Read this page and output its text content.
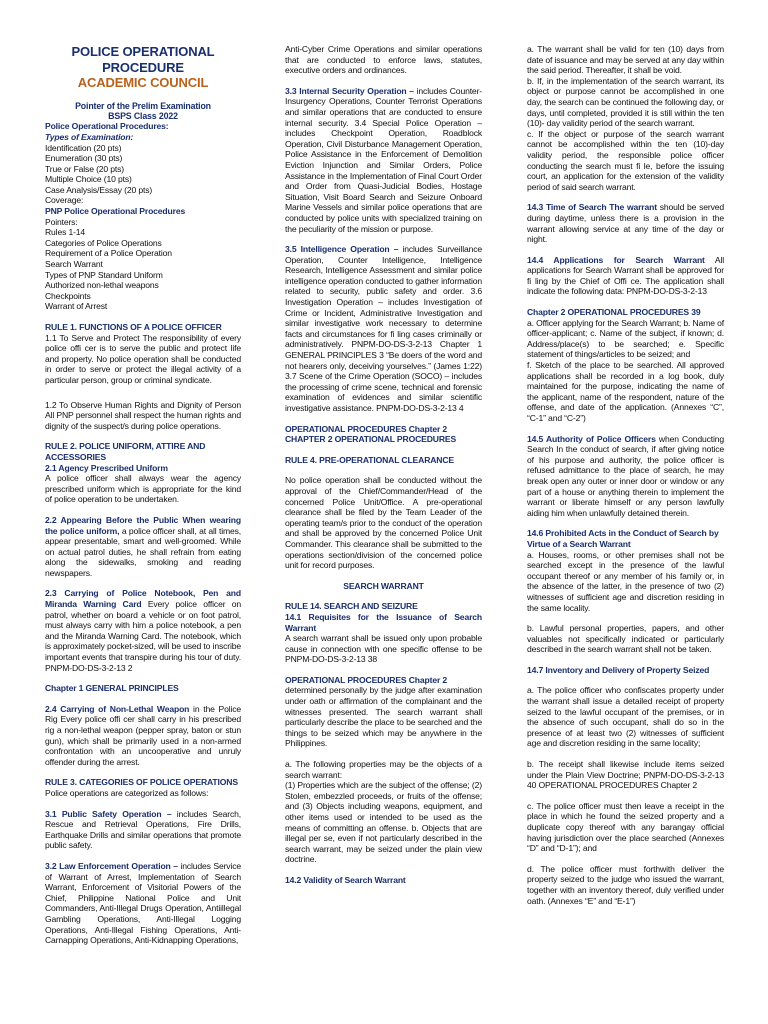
POLICE OPERATIONAL

PROCEDURE

ACADEMIC COUNCIL

Pointer of the Prelim Examination

BSPS Class 2022

Police Operational Procedures:

Types of Examination:

Identification (20 pts)

Enumeration (30 pts)

True or False (20 pts)

Multiple Choice (10 pts)

Case Analysis/Essay (20 pts)

Coverage:

PNP Police Operational Procedures

Pointers:

Rules 1-14

Categories of Police Operations

Requirement of a Police Operation

Search Warrant

Types of PNP Standard Uniform

Authorized non-lethal weapons

Checkpoints

Warrant of Arrest

RULE 1. FUNCTIONS OF A POLICE OFFICER

1.1 To Serve and Protect The responsibility of every police offi cer is to serve the public and protect life and property. No police operation shall be conducted in order to serve or protect the illegal activity of a particular person, group or criminal syndicate.

1.2 To Observe Human Rights and Dignity of Person All PNP personnel shall respect the human rights and dignity of the suspect/s during police operations.

RULE 2. POLICE UNIFORM, ATTIRE AND ACCESSORIES

2.1 Agency Prescribed Uniform

A police officer shall always wear the agency prescribed uniform which is appropriate for the kind of police operation to be undertaken.

2.2 Appearing Before the Public When wearing the police uniform, a police officer shall, at all times, appear presentable, smart and well-groomed. While on actual patrol duties, he shall refrain from eating along the sidewalks, smoking and reading newspapers.

2.3 Carrying of Police Notebook, Pen and Miranda Warning Card Every police officer on patrol, whether on board a vehicle or on foot patrol, must always carry with him a police notebook, a pen and the Miranda Warning Card. The notebook, which is approximately pocket-sized, will be used to inscribe important events that transpire during his tour of duty. PNPM-DO-DS-3-2-13 2

Chapter 1 GENERAL PRINCIPLES

2.4 Carrying of Non-Lethal Weapon in the Police Rig Every police offi cer shall carry in his prescribed rig a non-lethal weapon (pepper spray, baton or stun gun), which shall be primarily used in a non-armed confrontation with an uncooperative and unruly offender during the arrest.

RULE 3. CATEGORIES OF POLICE OPERATIONS

Police operations are categorized as follows:

3.1 Public Safety Operation – includes Search, Rescue and Retrieval Operations, Fire Drills, Earthquake Drills and similar operations that promote public safety.

3.2 Law Enforcement Operation – includes Service of Warrant of Arrest, Implementation of Search Warrant, Enforcement of Visitorial Powers of the Chief, Philippine National Police and Unit Commanders, Anti-Illegal Drugs Operation, Antiillegal Gambling Operations, Anti-Illegal Logging Operations, Anti-Illegal Fishing Operations, Anti-Carnapping Operations, Anti-Kidnapping Operations,

Anti-Cyber Crime Operations and similar operations that are conducted to enforce laws, statutes, executive orders and ordinances.

3.3 Internal Security Operation – includes Counter-Insurgency Operations, Counter Terrorist Operations and similar operations that are conducted to ensure internal security. 3.4 Special Police Operation – includes Checkpoint Operation, Roadblock Operation, Civil Disturbance Management Operation, Police Assistance in the Enforcement of Demolition Eviction Injunction and Similar Orders, Police Assistance in the Implementation of Final Court Order and Order from Quasi-Judicial Bodies, Hostage Situation, Visit Board Search and Seizure Onboard Marine Vessels and similar police operations that are conducted by police units with specialized training on the peculiarity of the mission or purpose.

3.5 Intelligence Operation – includes Surveillance Operation, Counter Intelligence, Intelligence Research, Intelligence Assessment and similar police intelligence operation conducted to gather information related to security, public safety and order. 3.6 Investigation Operation – includes Investigation of Crime or Incident, Administrative Investigation and similar investigative work necessary to determine facts and circumstances for fi ling cases criminally or administratively. PNPM-DO-DS-3-2-13 Chapter 1 GENERAL PRINCIPLES 3 “Be doers of the word and not hearers only, deceiving yourselves.” (James 1:22) 3.7 Scene of the Crime Operation (SOCO) – includes the processing of crime scene, technical and forensic examination of evidences and similar scientific investigative assistance. PNPM-DO-DS-3-2-13 4

OPERATIONAL PROCEDURES Chapter 2

CHAPTER 2 OPERATIONAL PROCEDURES

RULE 4. PRE-OPERATIONAL CLEARANCE

No police operation shall be conducted without the approval of the Chief/Commander/Head of the concerned Police Unit/Office. A pre-operational clearance shall be filed by the Team Leader of the operating team/s prior to the conduct of the operation and shall be approved by the concerned Police Unit Commander. This clearance shall be submitted to the operations section/division of the concerned police unit for record purposes.

SEARCH WARRANT

RULE 14. SEARCH AND SEIZURE

14.1 Requisites for the Issuance of Search Warrant

A search warrant shall be issued only upon probable cause in connection with one specific offense to be PNPM-DO-DS-3-2-13 38

OPERATIONAL PROCEDURES Chapter 2

determined personally by the judge after examination under oath or affirmation of the complainant and the witnesses presented. The search warrant shall particularly describe the place to be searched and the things to be seized which may be anywhere in the Philippines.

a. The following properties may be the objects of a search warrant:

(1) Properties which are the subject of the offense; (2) Stolen, embezzled proceeds, or fruits of the offense; and (3) Objects including weapons, equipment, and other items used or intended to be used as the means of committing an offense. b. Objects that are illegal per se, even if not particularly described in the search warrant, may be seized under the plain view doctrine.

14.2 Validity of Search Warrant

a. The warrant shall be valid for ten (10) days from date of issuance and may be served at any day within the said period. Thereafter, it shall be void.

b. If, in the implementation of the search warrant, its object or purpose cannot be accomplished in one day, the search can be continued the following day, or days, until completed, provided it is still within the ten (10)- day validity period of the search warrant.

c. If the object or purpose of the search warrant cannot be accomplished within the ten (10)-day validity period, the responsible police officer conducting the search must fi le, before the issuing court, an application for the extension of the validity period of said search warrant.

14.3 Time of Search The warrant should be served during daytime, unless there is a provision in the warrant allowing service at any time of the day or night.

14.4 Applications for Search Warrant All applications for Search Warrant shall be approved for fi ling by the Chief of Offi ce. The application shall indicate the following data: PNPM-DO-DS-3-2-13

Chapter 2 OPERATIONAL PROCEDURES 39

a. Officer applying for the Search Warrant; b. Name of officer-applicant; c. Name of the subject, if known; d. Address/place(s) to be searched; e. Specific statement of things/articles to be seized; and

f. Sketch of the place to be searched. All approved applications shall be recorded in a log book, duly maintained for the purpose, indicating the name of the applicant, name of the respondent, nature of the offense, and date of the application. (Annexes “C”, “C-1” and “C-2”)

14.5 Authority of Police Officers when Conducting Search In the conduct of search, if after giving notice of his purpose and authority, the police officer is refused admittance to the place of search, he may break open any outer or inner door or window or any part of a house or anything therein to implement the warrant or liberate himself or any person lawfully aiding him when unlawfully detained therein.

14.6 Prohibited Acts in the Conduct of Search by Virtue of a Search Warrant

a. Houses, rooms, or other premises shall not be searched except in the presence of the lawful occupant thereof or any member of his family or, in the absence of the latter, in the presence of two (2) witnesses of sufficient age and discretion residing in the same locality.

b. Lawful personal properties, papers, and other valuables not specifically indicated or particularly described in the search warrant shall not be taken.

14.7 Inventory and Delivery of Property Seized

a. The police officer who confiscates property under the warrant shall issue a detailed receipt of property seized to the lawful occupant of the premises, or in the absence of such occupant, shall do so in the presence of at least two (2) witnesses of sufficient age and discretion residing in the same locality;

b. The receipt shall likewise include items seized under the Plain View Doctrine; PNPM-DO-DS-3-2-13 40 OPERATIONAL PROCEDURES Chapter 2

c. The police officer must then leave a receipt in the place in which he found the seized property and a duplicate copy thereof with any barangay official having jurisdiction over the place searched (Annexes “D” and “D-1”); and

d. The police officer must forthwith deliver the property seized to the judge who issued the warrant, together with an inventory thereof, duly verified under oath. (Annexes “E” and “E-1”)
